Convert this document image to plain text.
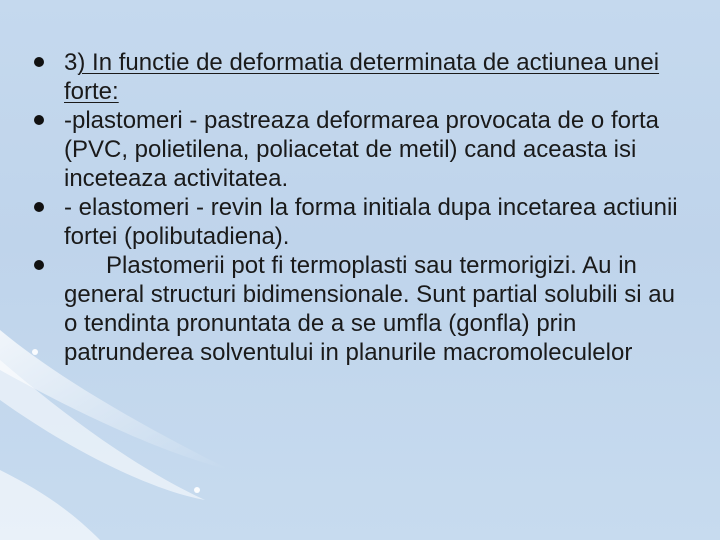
3) In functie de deformatia determinata de actiunea unei forte:

-plastomeri - pastreaza deformarea provocata de o forta (PVC, polietilena, poliacetat de metil) cand aceasta isi inceteaza activitatea.

- elastomeri - revin la forma initiala dupa incetarea actiunii fortei (polibutadiena).

Plastomerii pot fi termoplasti sau termorigizi. Au in general structuri bidimensionale. Sunt partial solubili si au o tendinta pronuntata de a se umfla (gonfla) prin patrunderea solventului in planurile macromoleculelor
